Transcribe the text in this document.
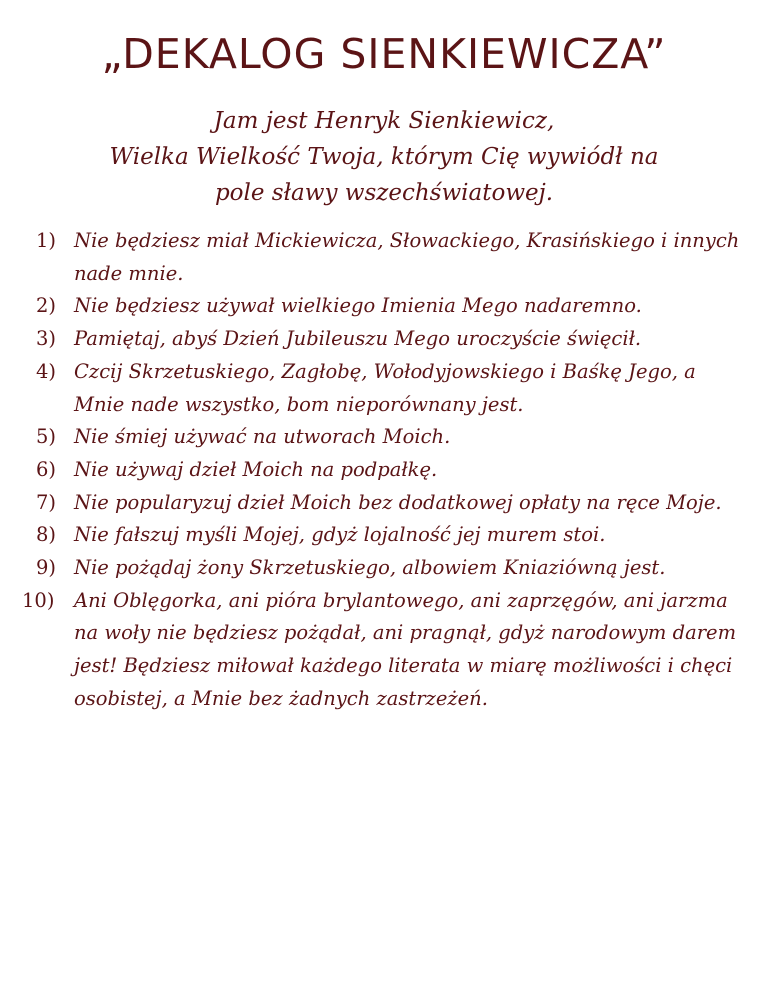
„DEKALOG SIENKIEWICZA”

Jam jest Henryk Sienkiewicz,
Wielka Wielkość Twoja, którym Cię wywiódł na
pole sławy wszechświatowej.

1) Nie będziesz miał Mickiewicza, Słowackiego, Krasińskiego i innych nade mnie.
2) Nie będziesz używał wielkiego Imienia Mego nadaremno.
3) Pamiętaj, abyś Dzień Jubileuszu Mego uroczyście święcił.
4) Czcij Skrzetuskiego, Zagłobę, Wołodyjowskiego i Baśkę Jego, a Mnie nade wszystko, bom nieporównany jest.
5) Nie śmiej używać na utworach Moich.
6) Nie używaj dzieł Moich na podpałkę.
7) Nie popularyzuj dzieł Moich bez dodatkowej opłaty na ręce Moje.
8) Nie fałszuj myśli Mojej, gdyż lojalność jej murem stoi.
9) Nie pożądaj żony Skrzetuskiego, albowiem Kniaziówną jest.
10) Ani Oblęgorka, ani pióra brylantowego, ani zaprzęgów, ani jarzma na woły nie będziesz pożądał, ani pragnął, gdyż narodowym darem jest! Będziesz miłował każdego literata w miarę możliwości i chęci osobistej, a Mnie bez żadnych zastrzeżeń.
